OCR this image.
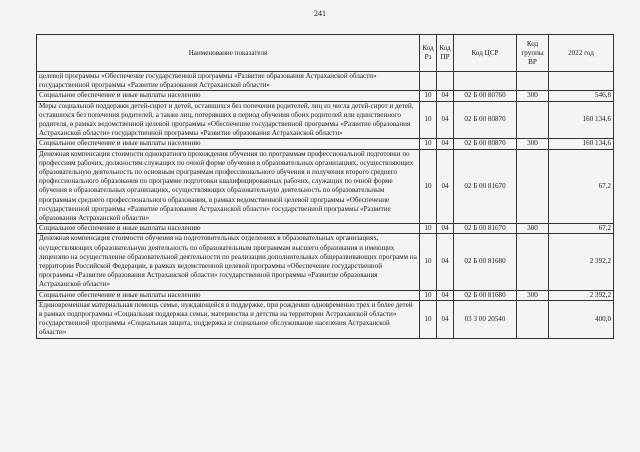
241
Наименование показателя	Код Рз	Код ПР	Код ЦСР	Код группы ВР	2022 год
целевой программы «Обеспечение государственной программы «Развитие образования Астраханской области» государственной программы «Развитие образования Астраханской области»					
Социальное обеспечение и иные выплаты населению	10	04	02 Б 00 80760	300	546,8
Меры социальной поддержки детей-сирот и детей, оставшихся без попечения родителей, лиц из числа детей-сирот и детей, оставшихся без попечения родителей, а также лиц, потерявших в период обучения обоих родителей или единственного родителя, в рамках ведомственной целевой программы «Обеспечение государственной программы «Развитие образования Астраханской области» государственной программы «Развитие образования Астраханской области»	10	04	02 Б 00 80870		160 134,6
Социальное обеспечение и иные выплаты населению	10	04	02 Б 00 80870	300	160 134,6
Денежная компенсация стоимости однократного прохождения обучения по программам профессиональной подготовки по профессиям рабочих, должностям служащих по очной форме обучения в образовательных организациях, осуществляющих образовательную деятельность по основным программам профессионального обучения и получения второго среднего профессионального образования по программе подготовки квалифицированных рабочих, служащих по очной форме обучения в образовательных организациях, осуществляющих образовательную деятельность по образовательным программам среднего профессионального образования, в рамках ведомственной целевой программы «Обеспечение государственной программы «Развитие образования Астраханской области» государственной программы «Развитие образования Астраханской области»	10	04	02 Б 00 81670		67,2
Социальное обеспечение и иные выплаты населению	10	04	02 Б 00 81670	300	67,2
Денежная компенсация стоимости обучения на подготовительных отделениях в образовательных организациях, осуществляющих образовательную деятельность по образовательным программам высшего образования и имеющих лицензию на осуществление образовательной деятельности по реализации дополнительных общеразвивающих программ на территории Российской Федерации, в рамках ведомственной целевой программы «Обеспечение государственной программы «Развитие образования Астраханской области» государственной программы «Развитие образования Астраханской области»	10	04	02 Б 00 81680		2 392,2
Социальное обеспечение и иные выплаты населению	10	04	02 Б 00 81680	300	2 392,2
Единовременная материальная помощь семье, нуждающейся в поддержке, при рождении одновременно трех и более детей в рамках подпрограммы «Социальная поддержка семьи, материнства и детства на территории Астраханской области» государственной программы «Социальная защита, поддержка и социальное обслуживание населения Астраханской области»	10	04	03 3 00 20540		400,0
